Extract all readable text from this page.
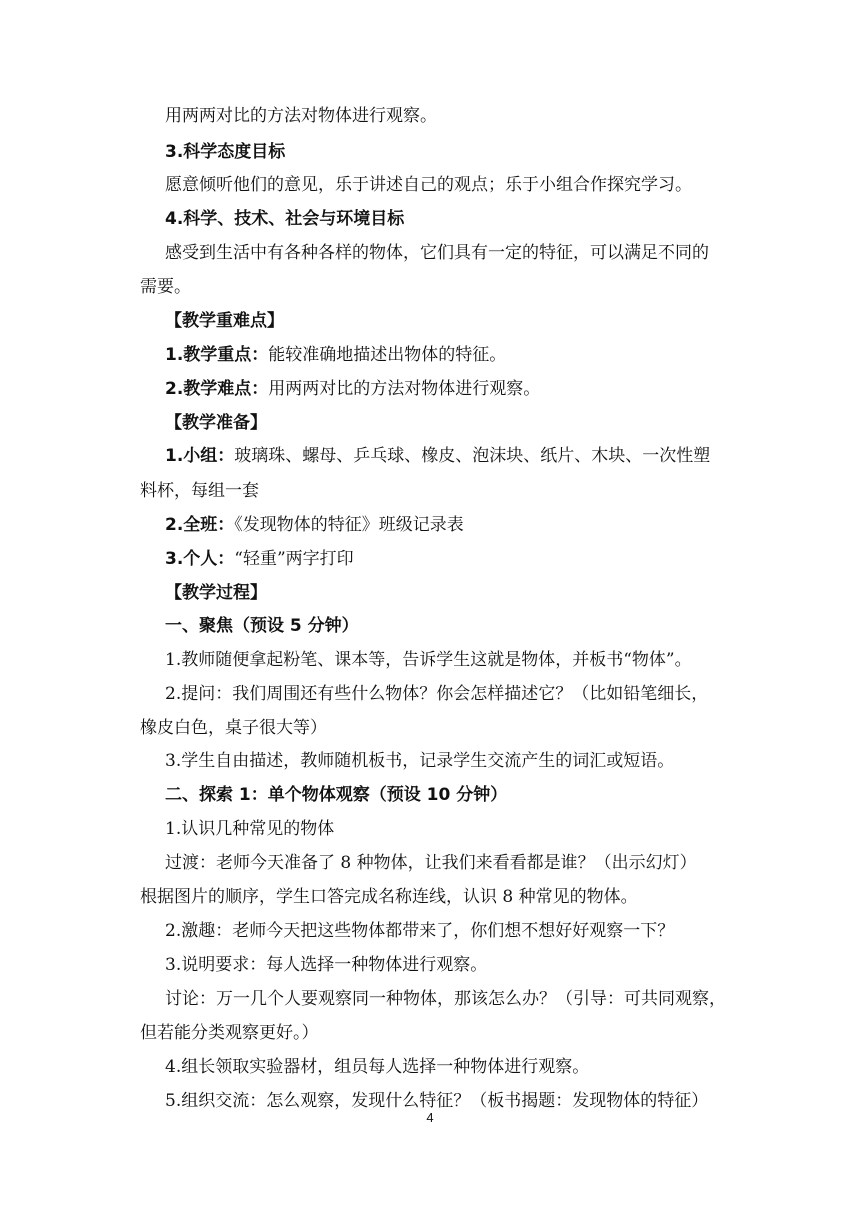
用两两对比的方法对物体进行观察。
3.科学态度目标
愿意倾听他们的意见，乐于讲述自己的观点；乐于小组合作探究学习。
4.科学、技术、社会与环境目标
感受到生活中有各种各样的物体，它们具有一定的特征，可以满足不同的
需要。
【教学重难点】
1.教学重点：能较准确地描述出物体的特征。
2.教学难点：用两两对比的方法对物体进行观察。
【教学准备】
1.小组：玻璃珠、螺母、乒乓球、橡皮、泡沫块、纸片、木块、一次性塑
料杯，每组一套
2.全班：《发现物体的特征》班级记录表
3.个人：“轻重”两字打印
【教学过程】
一、聚焦（预设 5 分钟）
1.教师随便拿起粉笔、课本等，告诉学生这就是物体，并板书“物体”。
2.提问：我们周围还有些什么物体？你会怎样描述它？（比如铅笔细长，
橡皮白色，桌子很大等）
3.学生自由描述，教师随机板书，记录学生交流产生的词汇或短语。
二、探索 1：单个物体观察（预设 10 分钟）
1.认识几种常见的物体
过渡：老师今天准备了 8 种物体，让我们来看看都是谁？（出示幻灯）
根据图片的顺序，学生口答完成名称连线，认识 8 种常见的物体。
2.激趣：老师今天把这些物体都带来了，你们想不想好好观察一下？
3.说明要求：每人选择一种物体进行观察。
讨论：万一几个人要观察同一种物体，那该怎么办？（引导：可共同观察，
但若能分类观察更好。）
4.组长领取实验器材，组员每人选择一种物体进行观察。
5.组织交流：怎么观察，发现什么特征？（板书揭题：发现物体的特征）
4
